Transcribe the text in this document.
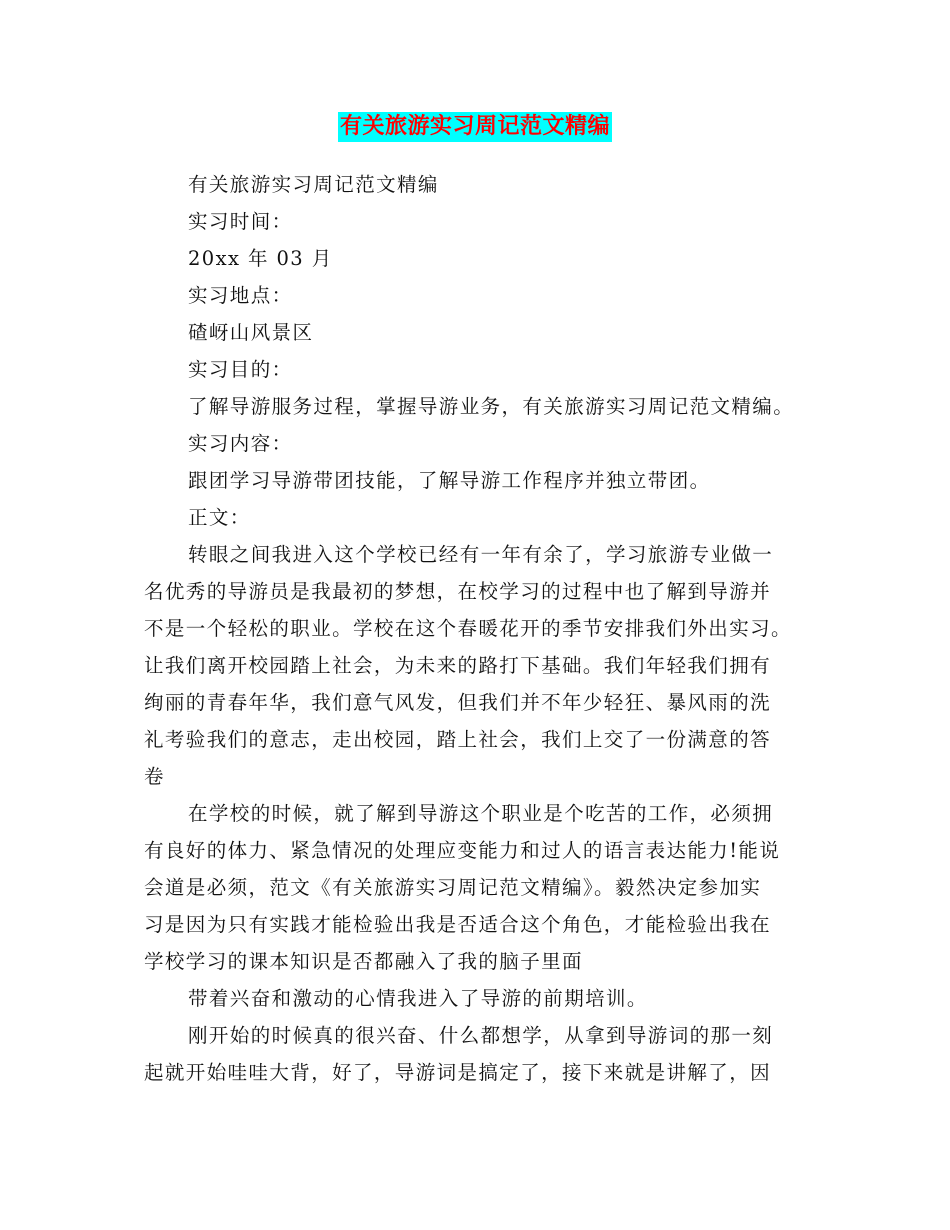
有关旅游实习周记范文精编
有关旅游实习周记范文精编
实习时间：
20xx 年 03 月
实习地点：
碴岈山风景区
实习目的：
了解导游服务过程，掌握导游业务，有关旅游实习周记范文精编。
实习内容：
跟团学习导游带团技能，了解导游工作程序并独立带团。
正文：
转眼之间我进入这个学校已经有一年有余了，学习旅游专业做一
名优秀的导游员是我最初的梦想，在校学习的过程中也了解到导游并
不是一个轻松的职业。学校在这个春暖花开的季节安排我们外出实习。
让我们离开校园踏上社会，为未来的路打下基础。我们年轻我们拥有
绚丽的青春年华，我们意气风发，但我们并不年少轻狂、暴风雨的洗
礼考验我们的意志，走出校园，踏上社会，我们上交了一份满意的答
卷
在学校的时候，就了解到导游这个职业是个吃苦的工作，必须拥
有良好的体力、紧急情况的处理应变能力和过人的语言表达能力!能说
会道是必须，范文《有关旅游实习周记范文精编》。毅然决定参加实
习是因为只有实践才能检验出我是否适合这个角色，才能检验出我在
学校学习的课本知识是否都融入了我的脑子里面
带着兴奋和激动的心情我进入了导游的前期培训。
刚开始的时候真的很兴奋、什么都想学，从拿到导游词的那一刻
起就开始哇哇大背，好了，导游词是搞定了，接下来就是讲解了，因
